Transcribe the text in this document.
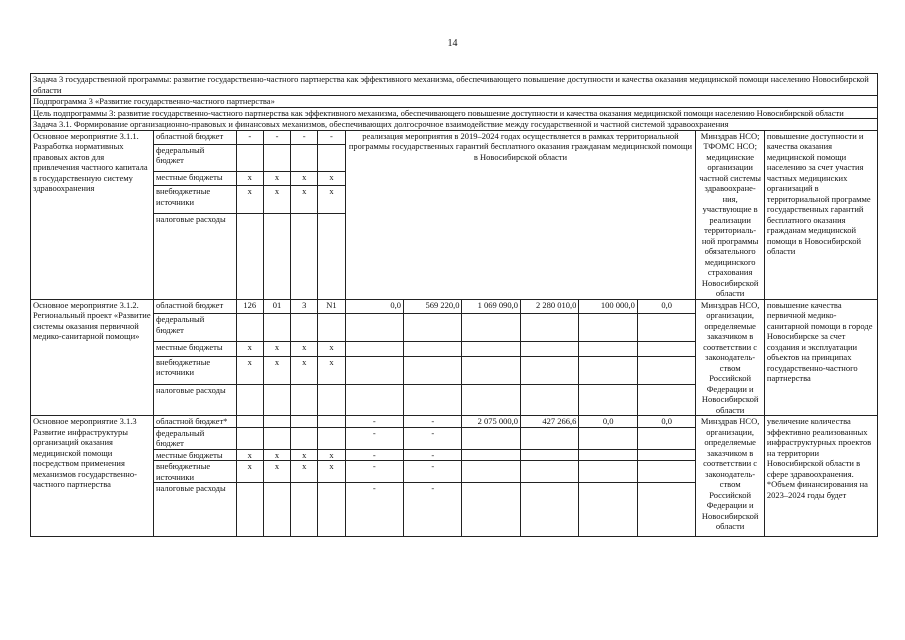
14
Задача 3 государственной программы: развитие государственно-частного партнерства как эффективного механизма, обеспечивающего повышение доступности и качества оказания медицинской помощи населению Новосибирской области													
Подпрограмма 3 «Развитие государственно-частного партнерства»													
Цель подпрограммы 3: развитие государственно-частного партнерства как эффективного механизма, обеспечивающего повышение доступности и качества оказания медицинской помощи населению Новосибирской области													
Задача 3.1. Формирование организационно-правовых и финансовых механизмов, обеспечивающих долгосрочное взаимодействие между государственной и частной системой здравоохранения													
Основное мероприятие 3.1.1. Разработка нормативных правовых актов для привлечения частного капитала в государственную систему здравоохранения	областной бюджет	-	-	-	-	реализация мероприятия в 2019–2024 годах осуществляется в рамках территориальной программы государственных гарантий бесплатного оказания гражданам медицинской помощи в Новосибирской области						Минздрав НСО; ТФОМС НСО; медицинские организации частной системы здравоохране-ния, участвующие в реализации территориаль-ной программы обязательного медицинского страхования Новосибирской области	повышение доступности и качества оказания медицинской помощи населению за счет участия частных медицинских организаций в территориальной программе государственных гарантий бесплатного оказания гражданам медицинской помощи в Новосибирской области
	федеральный бюджет												
	местные бюджеты	x	x	x	x								
	внебюджетные источники	x	x	x	x								
	налоговые расходы												
Основное мероприятие 3.1.2. Региональный проект «Развитие системы оказания первичной медико-санитарной помощи»	областной бюджет	126	01	3	N1	0,0	569 220,0	1 069 090,0	2 280 010,0	100 000,0	0,0	Минздрав НСО, организации, определяемые заказчиком в соответствии с законодатель-ством Российской Федерации и Новосибирской области	повышение качества первичной медико-санитарной помощи в городе Новосибирске за счет создания и эксплуатации объектов на принципах государственно-частного партнерства
	федеральный бюджет												
	местные бюджеты	x	x	x	x								
	внебюджетные источники	x	x	x	x								
	налоговые расходы												
Основное мероприятие 3.1.3 Развитие инфраструктуры организаций оказания медицинской помощи посредством применения механизмов государственно-частного партнерства	областной бюджет*					-	-	2 075 000,0	427 266,6	0,0	0,0	Минздрав НСО, организации, определяемые заказчиком в соответствии с законодатель-ством Российской Федерации и Новосибирской области	увеличение количества эффективно реализованных инфраструктурных проектов на территории Новосибирской области в сфере здравоохранения. *Объем финансирования на 2023–2024 годы будет
	федеральный бюджет					-	-						
	местные бюджеты	x	x	x	x	-	-						
	внебюджетные источники	x	x	x	x	-	-						
	налоговые расходы					-	-						
